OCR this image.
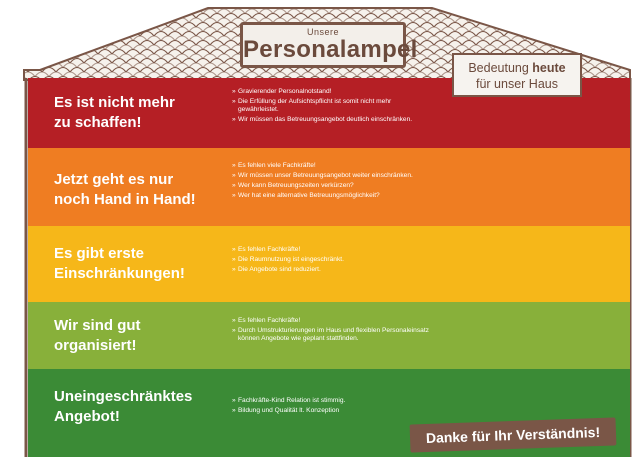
Unsere
Personalampel
Es ist nicht mehr
zu schaffen!
» Gravierender Personalnotstand!
» Die Erfüllung der Aufsichtspflicht ist somit nicht mehr gewährleistet.
» Wir müssen das Betreuungsangebot deutlich einschränken.
Jetzt geht es nur
noch Hand in Hand!
» Es fehlen viele Fachkräfte!
» Wir müssen unser Betreuungsangebot weiter einschränken.
» Wer kann Betreuungszeiten verkürzen?
» Wer hat eine alternative Betreuungsmöglichkeit?
Es gibt erste
Einschränkungen!
» Es fehlen Fachkräfte!
» Die Raumnutzung ist eingeschränkt.
» Die Angebote sind reduziert.
Wir sind gut
organisiert!
» Es fehlen Fachkräfte!
» Durch Umstrukturierungen im Haus und flexiblen Personaleinsatz können Angebote wie geplant stattfinden.
Uneingeschränktes
Angebot!
» Fachkräfte-Kind Relation ist stimmig.
» Bildung und Qualität lt. Konzeption
Bedeutung heute
für unser Haus
Danke für Ihr Verständnis!
